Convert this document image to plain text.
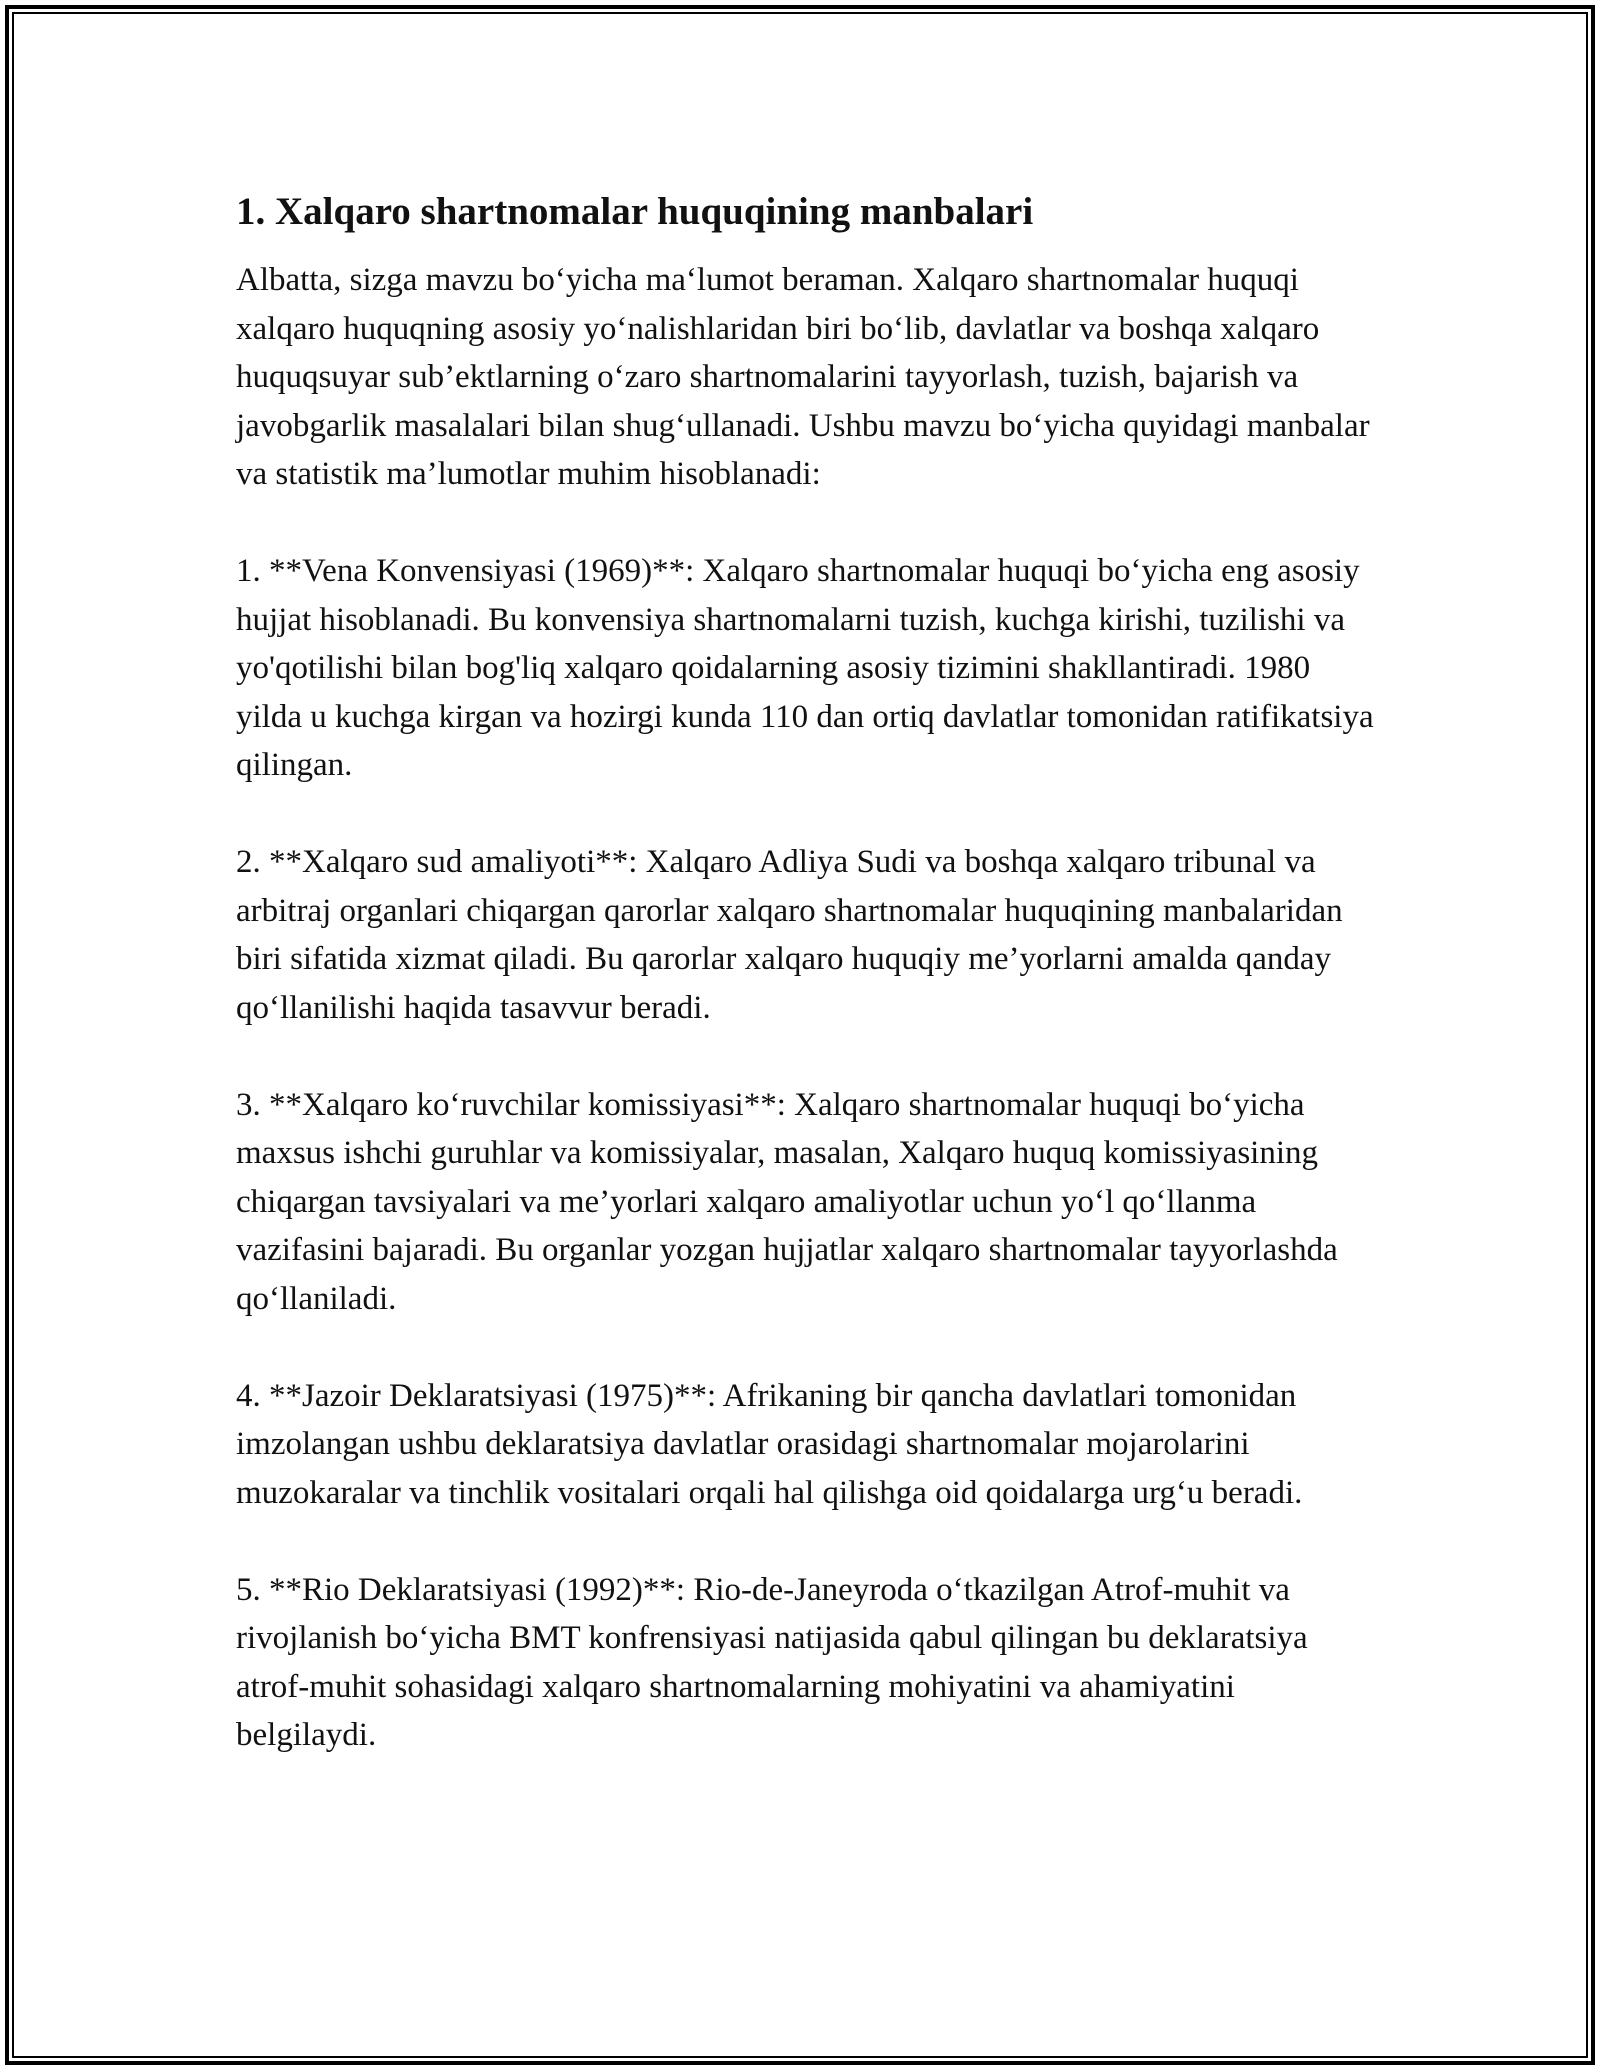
1. Xalqaro shartnomalar huquqining manbalari

Albatta, sizga mavzu bo‘yicha ma‘lumot beraman. Xalqaro shartnomalar huquqi xalqaro huquqning asosiy yo‘nalishlaridan biri bo‘lib, davlatlar va boshqa xalqaro huquqsuyar sub’ektlarning o‘zaro shartnomalarini tayyorlash, tuzish, bajarish va javobgarlik masalalari bilan shug‘ullanadi. Ushbu mavzu bo‘yicha quyidagi manbalar va statistik ma’lumotlar muhim hisoblanadi:

1. **Vena Konvensiyasi (1969)**: Xalqaro shartnomalar huquqi bo‘yicha eng asosiy hujjat hisoblanadi. Bu konvensiya shartnomalarni tuzish, kuchga kirishi, tuzilishi va yo'qotilishi bilan bog'liq xalqaro qoidalarning asosiy tizimini shakllantiradi. 1980 yilda u kuchga kirgan va hozirgi kunda 110 dan ortiq davlatlar tomonidan ratifikatsiya qilingan.

2. **Xalqaro sud amaliyoti**: Xalqaro Adliya Sudi va boshqa xalqaro tribunal va arbitraj organlari chiqargan qarorlar xalqaro shartnomalar huquqining manbalaridan biri sifatida xizmat qiladi. Bu qarorlar xalqaro huquqiy me’yorlarni amalda qanday qo‘llanilishi haqida tasavvur beradi.

3. **Xalqaro ko‘ruvchilar komissiyasi**: Xalqaro shartnomalar huquqi bo‘yicha maxsus ishchi guruhlar va komissiyalar, masalan, Xalqaro huquq komissiyasining chiqargan tavsiyalari va me’yorlari xalqaro amaliyotlar uchun yo‘l qo‘llanma vazifasini bajaradi. Bu organlar yozgan hujjatlar xalqaro shartnomalar tayyorlashda qo‘llaniladi.

4. **Jazoir Deklaratsiyasi (1975)**: Afrikaning bir qancha davlatlari tomonidan imzolangan ushbu deklaratsiya davlatlar orasidagi shartnomalar mojarolarini muzokaralar va tinchlik vositalari orqali hal qilishga oid qoidalarga urg‘u beradi.

5. **Rio Deklaratsiyasi (1992)**: Rio-de-Janeyroda o‘tkazilgan Atrof-muhit va rivojlanish bo‘yicha BMT konfrensiyasi natijasida qabul qilingan bu deklaratsiya atrof-muhit sohasidagi xalqaro shartnomalarning mohiyatini va ahamiyatini belgilaydi.
